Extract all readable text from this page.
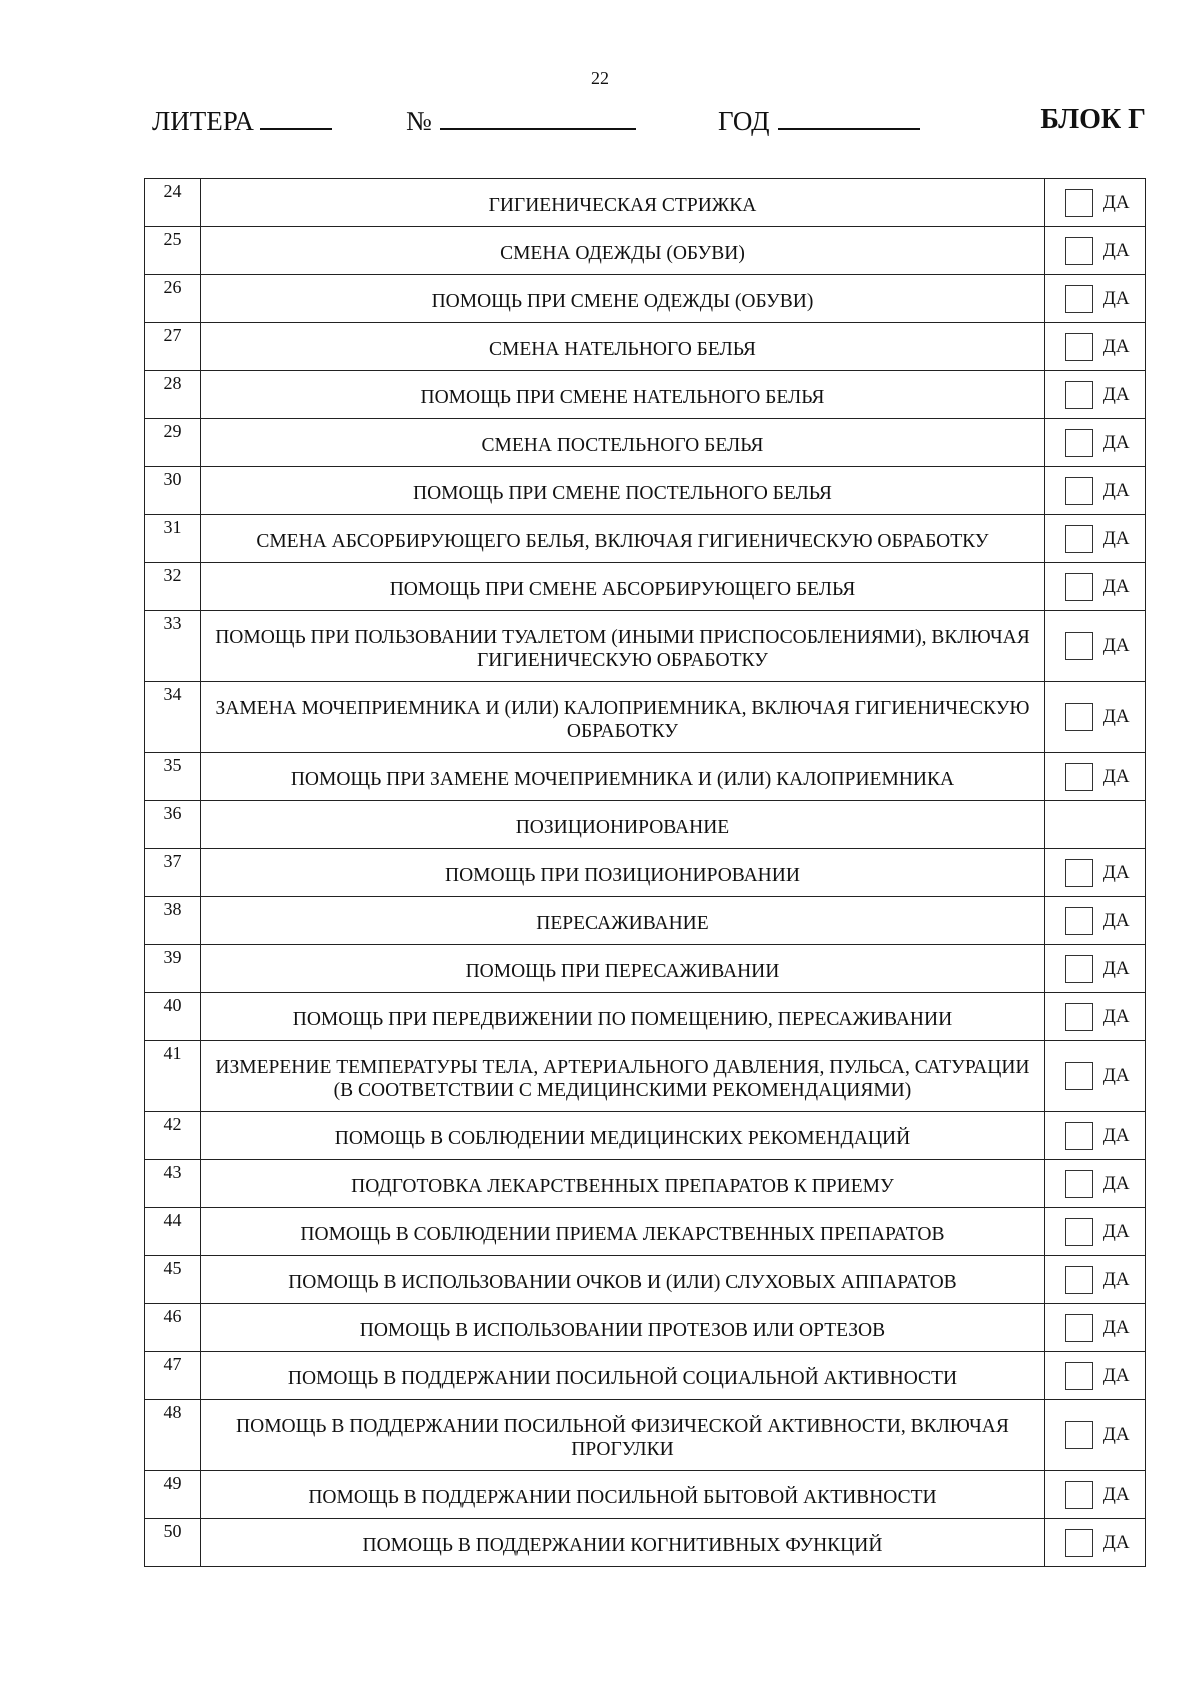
22
ЛИТЕРА	№	ГОД	БЛОК Г
24	ГИГИЕНИЧЕСКАЯ СТРИЖКА	ДА

25	СМЕНА ОДЕЖДЫ (ОБУВИ)	ДА

26	ПОМОЩЬ ПРИ СМЕНЕ ОДЕЖДЫ (ОБУВИ)	ДА

27	СМЕНА НАТЕЛЬНОГО БЕЛЬЯ	ДА

28	ПОМОЩЬ ПРИ СМЕНЕ НАТЕЛЬНОГО БЕЛЬЯ	ДА

29	СМЕНА ПОСТЕЛЬНОГО БЕЛЬЯ	ДА

30	ПОМОЩЬ ПРИ СМЕНЕ ПОСТЕЛЬНОГО БЕЛЬЯ	ДА

31	СМЕНА АБСОРБИРУЮЩЕГО БЕЛЬЯ, ВКЛЮЧАЯ ГИГИЕНИЧЕСКУЮ ОБРАБОТКУ	ДА

32	ПОМОЩЬ ПРИ СМЕНЕ АБСОРБИРУЮЩЕГО БЕЛЬЯ	ДА

33	ПОМОЩЬ ПРИ ПОЛЬЗОВАНИИ ТУАЛЕТОМ (ИНЫМИ ПРИСПОСОБЛЕНИЯМИ), ВКЛЮЧАЯ ГИГИЕНИЧЕСКУЮ ОБРАБОТКУ	ДА

34	ЗАМЕНА МОЧЕПРИЕМНИКА И (ИЛИ) КАЛОПРИЕМНИКА, ВКЛЮЧАЯ ГИГИЕНИЧЕСКУЮ ОБРАБОТКУ	ДА

35	ПОМОЩЬ ПРИ ЗАМЕНЕ МОЧЕПРИЕМНИКА И (ИЛИ) КАЛОПРИЕМНИКА	ДА

36	ПОЗИЦИОНИРОВАНИЕ	
37	ПОМОЩЬ ПРИ ПОЗИЦИОНИРОВАНИИ	ДА

38	ПЕРЕСАЖИВАНИЕ	ДА

39	ПОМОЩЬ ПРИ ПЕРЕСАЖИВАНИИ	ДА

40	ПОМОЩЬ ПРИ ПЕРЕДВИЖЕНИИ ПО ПОМЕЩЕНИЮ, ПЕРЕСАЖИВАНИИ	ДА

41	ИЗМЕРЕНИЕ ТЕМПЕРАТУРЫ ТЕЛА, АРТЕРИАЛЬНОГО ДАВЛЕНИЯ, ПУЛЬСА, САТУРАЦИИ (В СООТВЕТСТВИИ С МЕДИЦИНСКИМИ РЕКОМЕНДАЦИЯМИ)	ДА

42	ПОМОЩЬ В СОБЛЮДЕНИИ МЕДИЦИНСКИХ РЕКОМЕНДАЦИЙ	ДА

43	ПОДГОТОВКА ЛЕКАРСТВЕННЫХ ПРЕПАРАТОВ К ПРИЕМУ	ДА

44	ПОМОЩЬ В СОБЛЮДЕНИИ ПРИЕМА ЛЕКАРСТВЕННЫХ ПРЕПАРАТОВ	ДА

45	ПОМОЩЬ В ИСПОЛЬЗОВАНИИ ОЧКОВ И (ИЛИ) СЛУХОВЫХ АППАРАТОВ	ДА

46	ПОМОЩЬ В ИСПОЛЬЗОВАНИИ ПРОТЕЗОВ ИЛИ ОРТЕЗОВ	ДА

47	ПОМОЩЬ В ПОДДЕРЖАНИИ ПОСИЛЬНОЙ СОЦИАЛЬНОЙ АКТИВНОСТИ	ДА

48	ПОМОЩЬ В ПОДДЕРЖАНИИ ПОСИЛЬНОЙ ФИЗИЧЕСКОЙ АКТИВНОСТИ, ВКЛЮЧАЯ ПРОГУЛКИ	ДА

49	ПОМОЩЬ В ПОДДЕРЖАНИИ ПОСИЛЬНОЙ БЫТОВОЙ АКТИВНОСТИ	ДА

50	ПОМОЩЬ В ПОДДЕРЖАНИИ КОГНИТИВНЫХ ФУНКЦИЙ	ДА
